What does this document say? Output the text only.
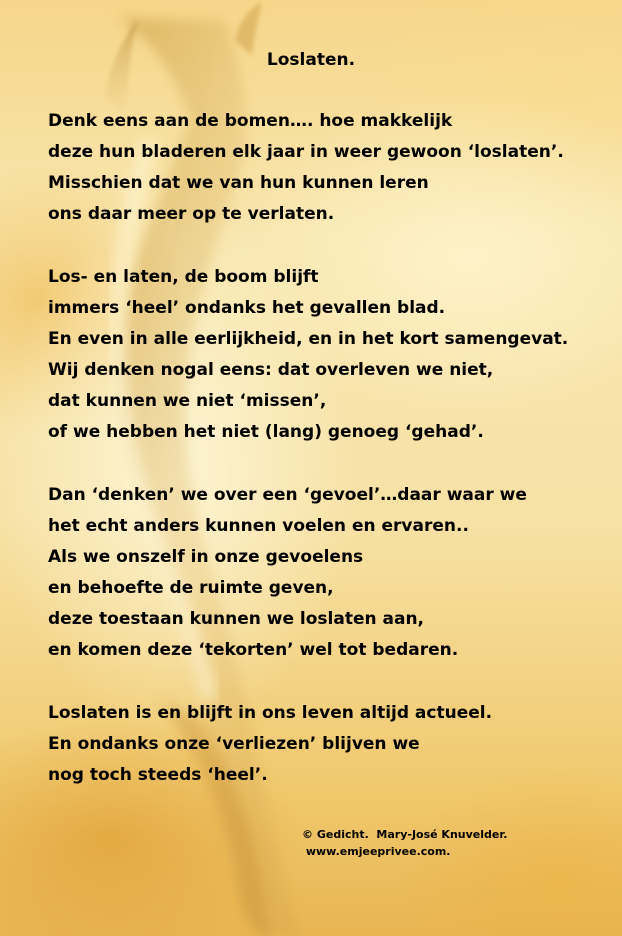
Loslaten.
Denk eens aan de bomen…. hoe makkelijk
deze hun bladeren elk jaar in weer gewoon ‘loslaten’.
Misschien dat we van hun kunnen leren
ons daar meer op te verlaten.
Los- en laten, de boom blijft
immers ‘heel’ ondanks het gevallen blad.
En even in alle eerlijkheid, en in het kort samengevat.
Wij denken nogal eens: dat overleven we niet,
dat kunnen we niet ‘missen’,
of we hebben het niet (lang) genoeg ‘gehad’.
Dan ‘denken’ we over een ‘gevoel’…daar waar we
het echt anders kunnen voelen en ervaren..
Als we onszelf in onze gevoelens
en behoefte de ruimte geven,
deze toestaan kunnen we loslaten aan,
en komen deze ‘tekorten’ wel tot bedaren.
Loslaten is en blijft in ons leven altijd actueel.
En ondanks onze ‘verliezen’ blijven we
nog toch steeds ‘heel’.
© Gedicht.  Mary-José Knuvelder.
www.emjeeprivee.com.
